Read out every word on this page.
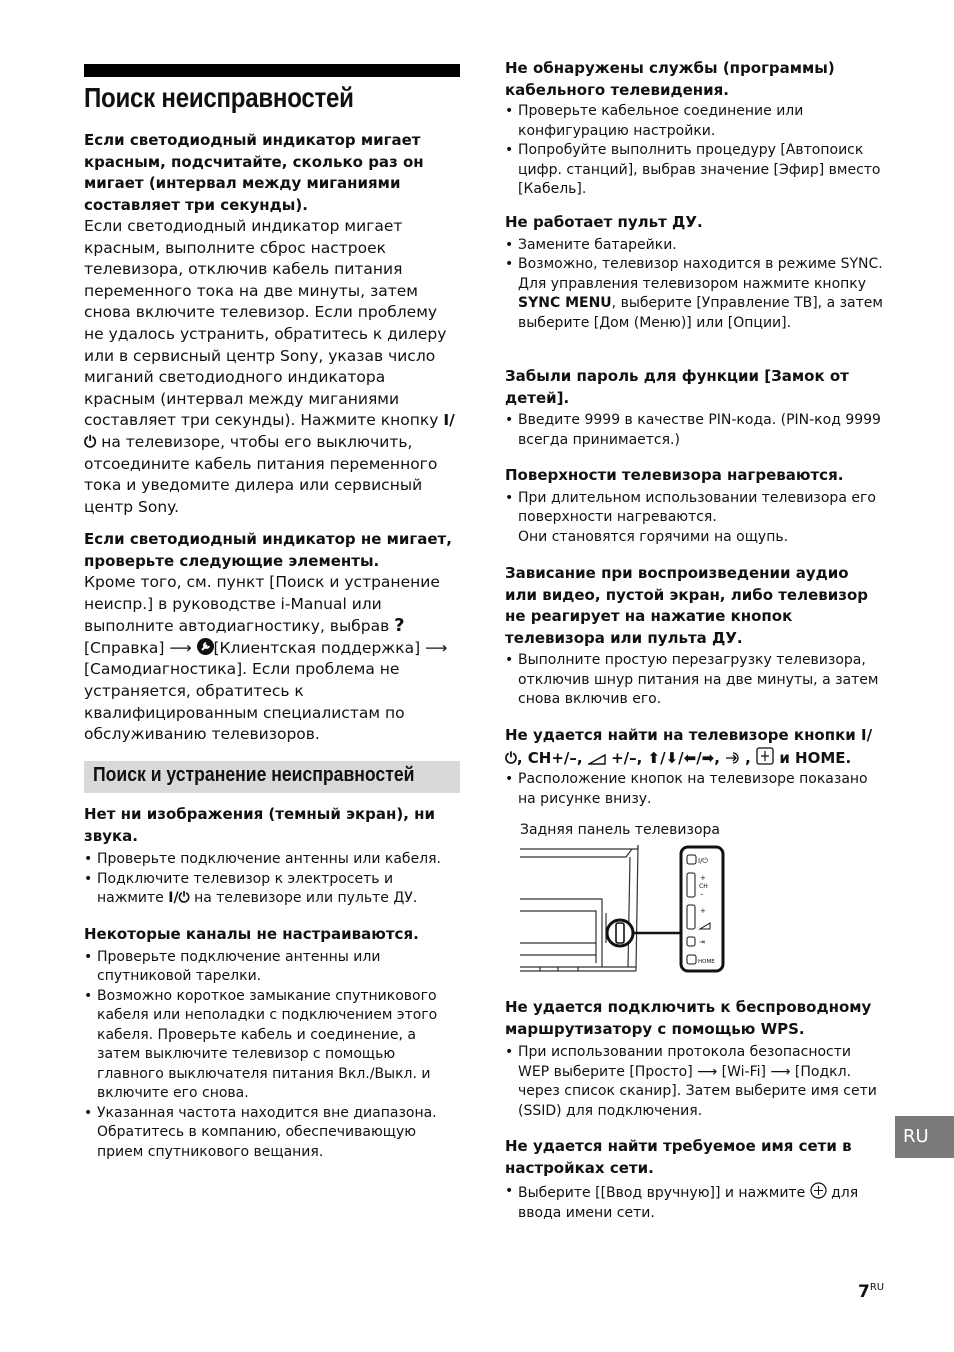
Поиск неисправностей

Если светодиодный индикатор мигает красным, подсчитайте, сколько раз он мигает (интервал между миганиями составляет три секунды).

Если светодиодный индикатор мигает красным, выполните сброс настроек телевизора, отключив кабель питания переменного тока на две минуты, затем снова включите телевизор. Если проблему не удалось устранить, обратитесь к дилеру или в сервисный центр Sony, указав число миганий светодиодного индикатора красным (интервал между миганиями составляет три секунды). Нажмите кнопку I/⏻ на телевизоре, чтобы его выключить, отсоедините кабель питания переменного тока и уведомите дилера или сервисный центр Sony.

Если светодиодный индикатор не мигает, проверьте следующие элементы.

Кроме того, см. пункт [Поиск и устранение неиспр.] в руководстве i-Manual или выполните автодиагностику, выбрав ?[Справка] ⟶ [Клиентская поддержка] ⟶ [Самодиагностика]. Если проблема не устраняется, обратитесь к квалифицированным специалистам по обслуживанию телевизоров.

Поиск и устранение неисправностей

Нет ни изображения (темный экран), ни звука.

• Проверьте подключение антенны или кабеля.
• Подключите телевизор к электросеть и нажмите I/⏻ на телевизоре или пульте ДУ.

Некоторые каналы не настраиваются.

• Проверьте подключение антенны или спутниковой тарелки.
• Возможно короткое замыкание спутникового кабеля или неполадки с подключением этого кабеля. Проверьте кабель и соединение, а затем выключите телевизор с помощью главного выключателя питания Вкл./Выкл. и включите его снова.
• Указанная частота находится вне диапазона. Обратитесь в компанию, обеспечивающую прием спутникового вещания.

Не обнаружены службы (программы) кабельного телевидения.

• Проверьте кабельное соединение или конфигурацию настройки.
• Попробуйте выполнить процедуру [Автопоиск цифр. станций], выбрав значение [Эфир] вместо [Кабель].

Не работает пульт ДУ.

• Замените батарейки.
• Возможно, телевизор находится в режиме SYNC.
Для управления телевизором нажмите кнопку SYNC MENU, выберите [Управление ТВ], а затем выберите [Дом (Меню)] или [Опции].

Забыли пароль для функции [Замок от детей].

• Введите 9999 в качестве PIN-кода. (PIN-код 9999 всегда принимается.)

Поверхности телевизора нагреваются.

• При длительном использовании телевизора его поверхности нагреваются.
Они становятся горячими на ощупь.

Зависание при воспроизведении аудио или видео, пустой экран, либо телевизор не реагирует на нажатие кнопок телевизора или пульта ДУ.

• Выполните простую перезагрузку телевизора, отключив шнур питания на две минуты, а затем снова включив его.

Не удается найти на телевизоре кнопки I/⏻, CH+/–, +/–, ⬆/⬇/⬅/➡, ,  и HOME.

• Расположение кнопок на телевизоре показано на рисунке внизу.
Задняя панель телевизора
I/⏻
+
CH
–
+
⇥
HOME

Не удается подключить к беспроводному маршрутизатору с помощью WPS.

• При использовании протокола безопасности WEP выберите [Просто] ⟶ [Wi-Fi] ⟶ [Подкл. через список сканир]. Затем выберите имя сети (SSID) для подключения.

Не удается найти требуемое имя сети в настройках сети.

• Выберите [[Ввод вручную]] и нажмите для ввода имени сети.
RU
$7^{RU}$
